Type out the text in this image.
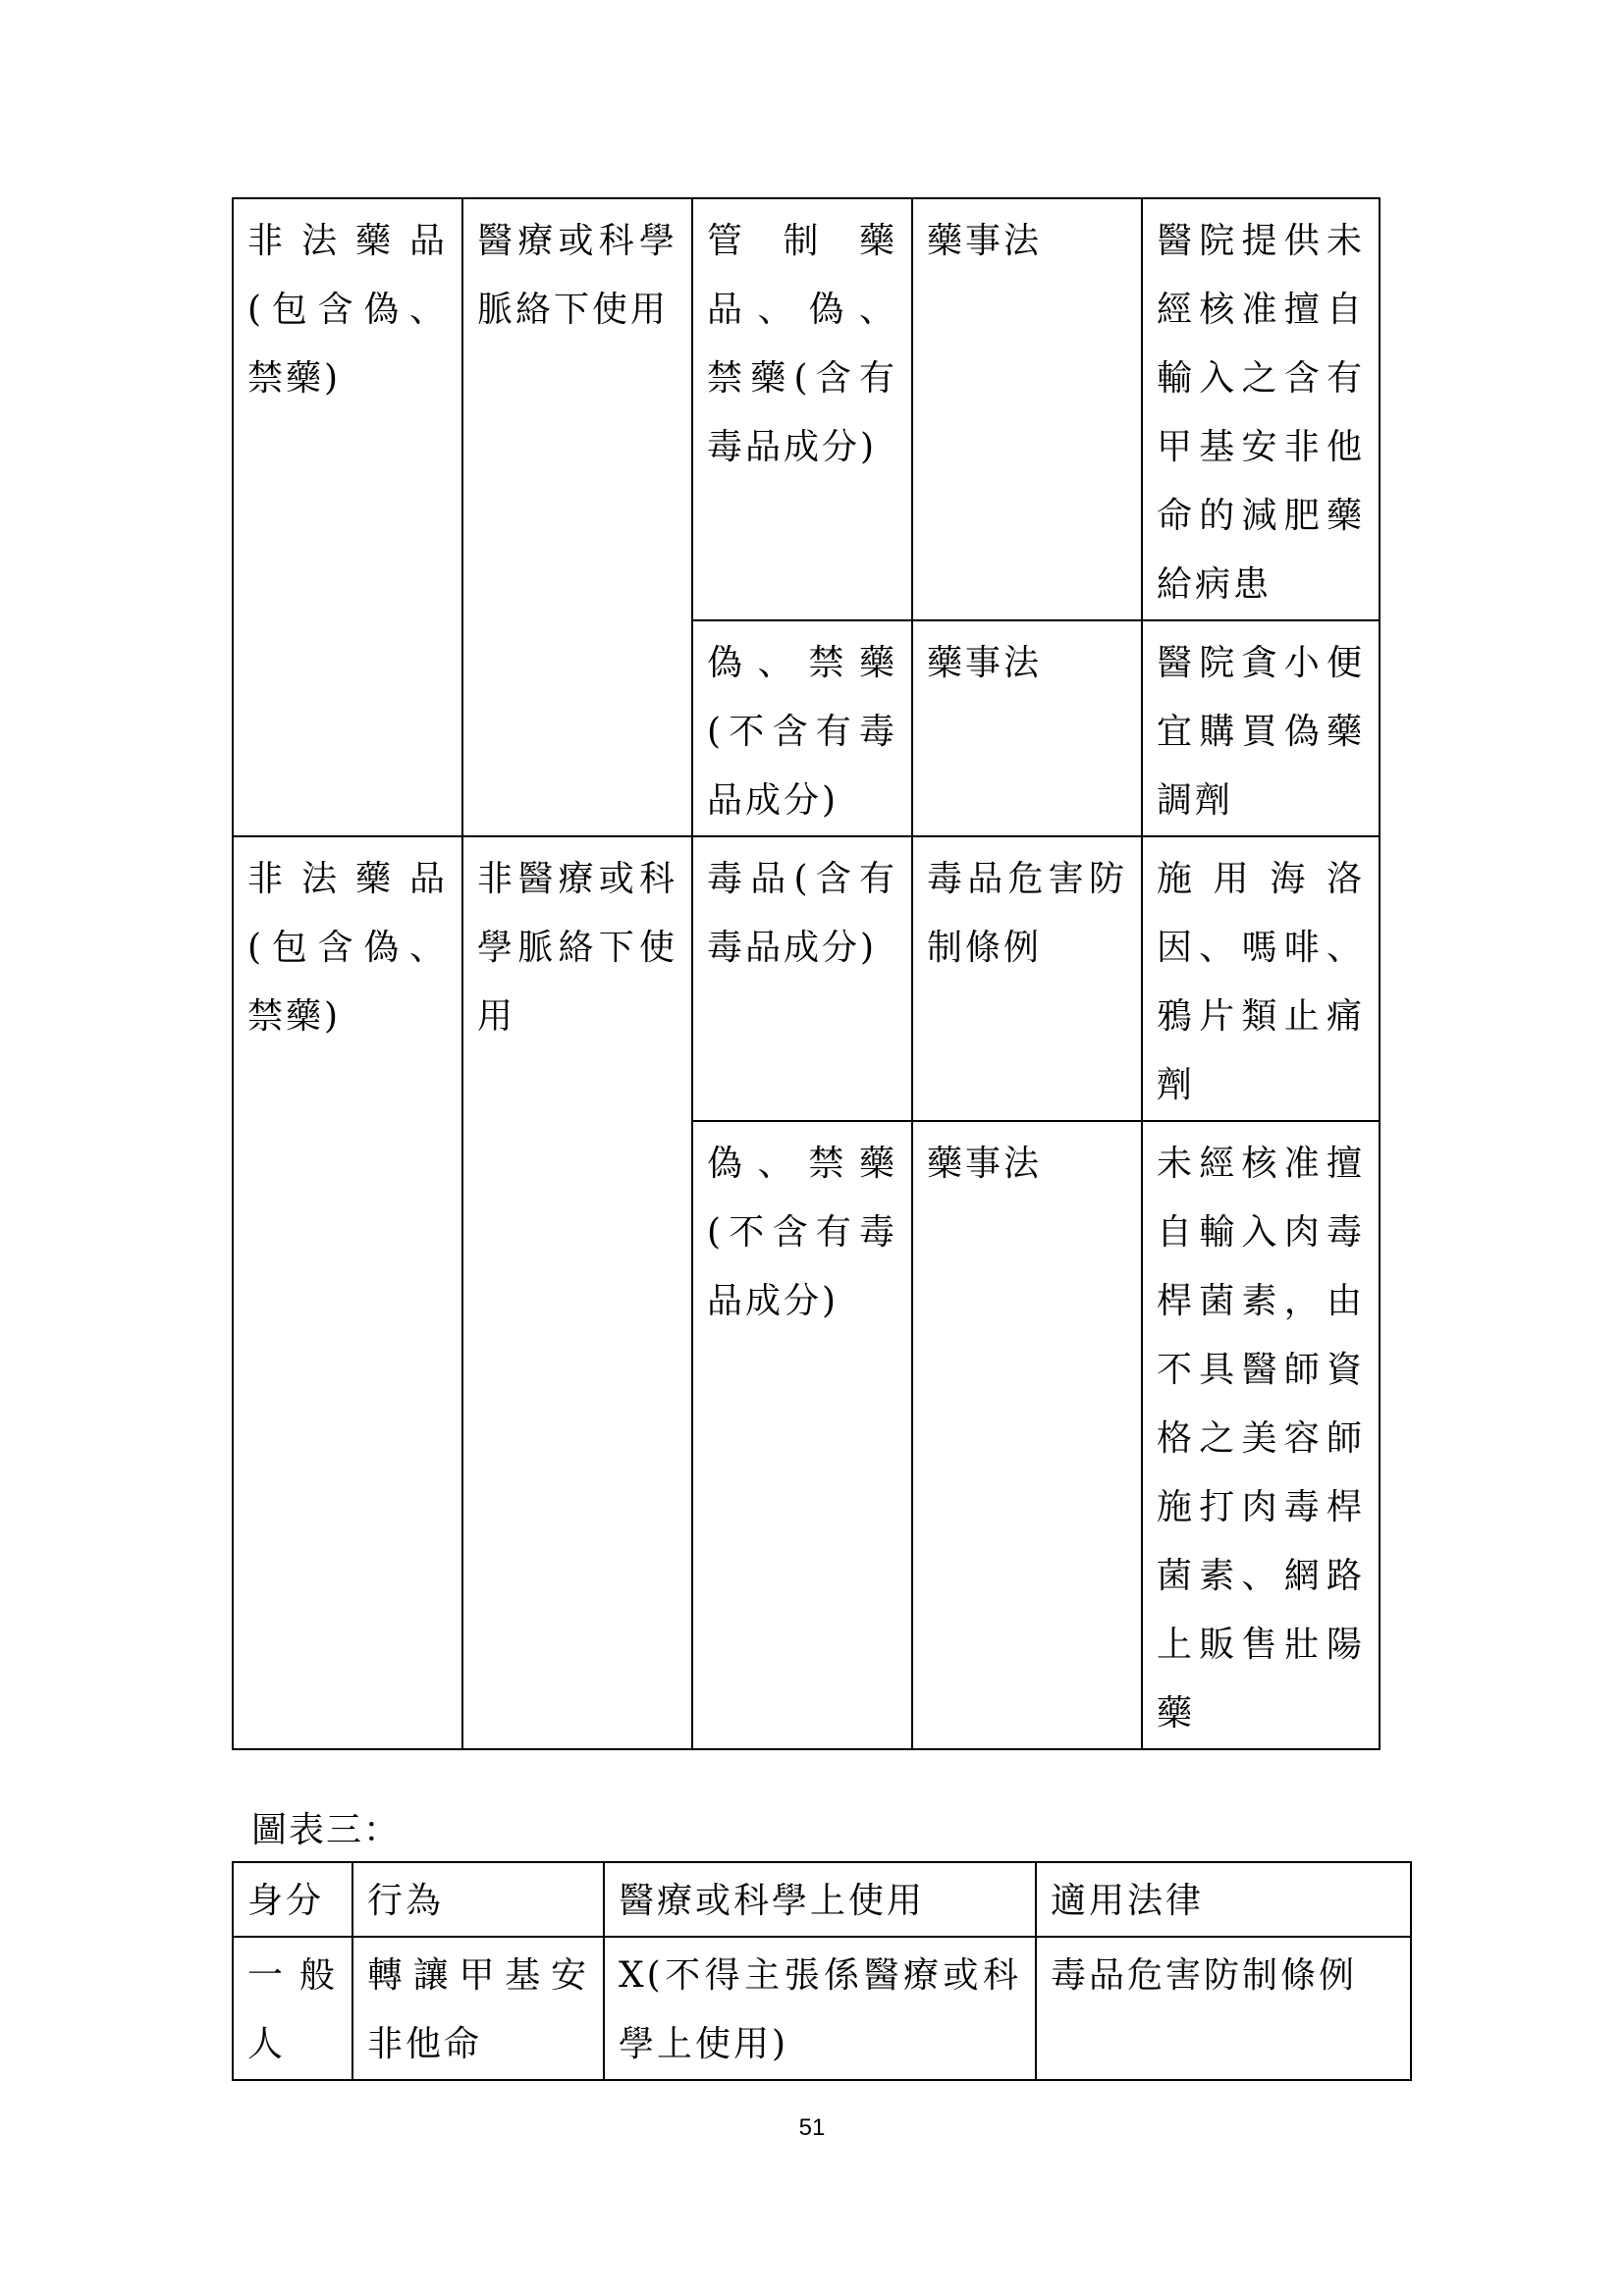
非法藥品(包含偽、禁藥)	醫療或科學脈絡下使用	管制藥品、偽、禁藥(含有毒品成分)	藥事法	醫院提供未經核准擅自輸入之含有甲基安非他命的減肥藥給病患
		偽、禁藥(不含有毒品成分)	藥事法	醫院貪小便宜購買偽藥調劑
非法藥品(包含偽、禁藥)	非醫療或科學脈絡下使用	毒品(含有毒品成分)	毒品危害防制條例	施用海洛因、嗎啡、鴉片類止痛劑
		偽、禁藥(不含有毒品成分)	藥事法	未經核准擅自輸入肉毒桿菌素，由不具醫師資格之美容師施打肉毒桿菌素、網路上販售壯陽藥
圖表三：
身分	行為	醫療或科學上使用	適用法律
一般人	轉讓甲基安非他命	X(不得主張係醫療或科學上使用)	毒品危害防制條例
51
